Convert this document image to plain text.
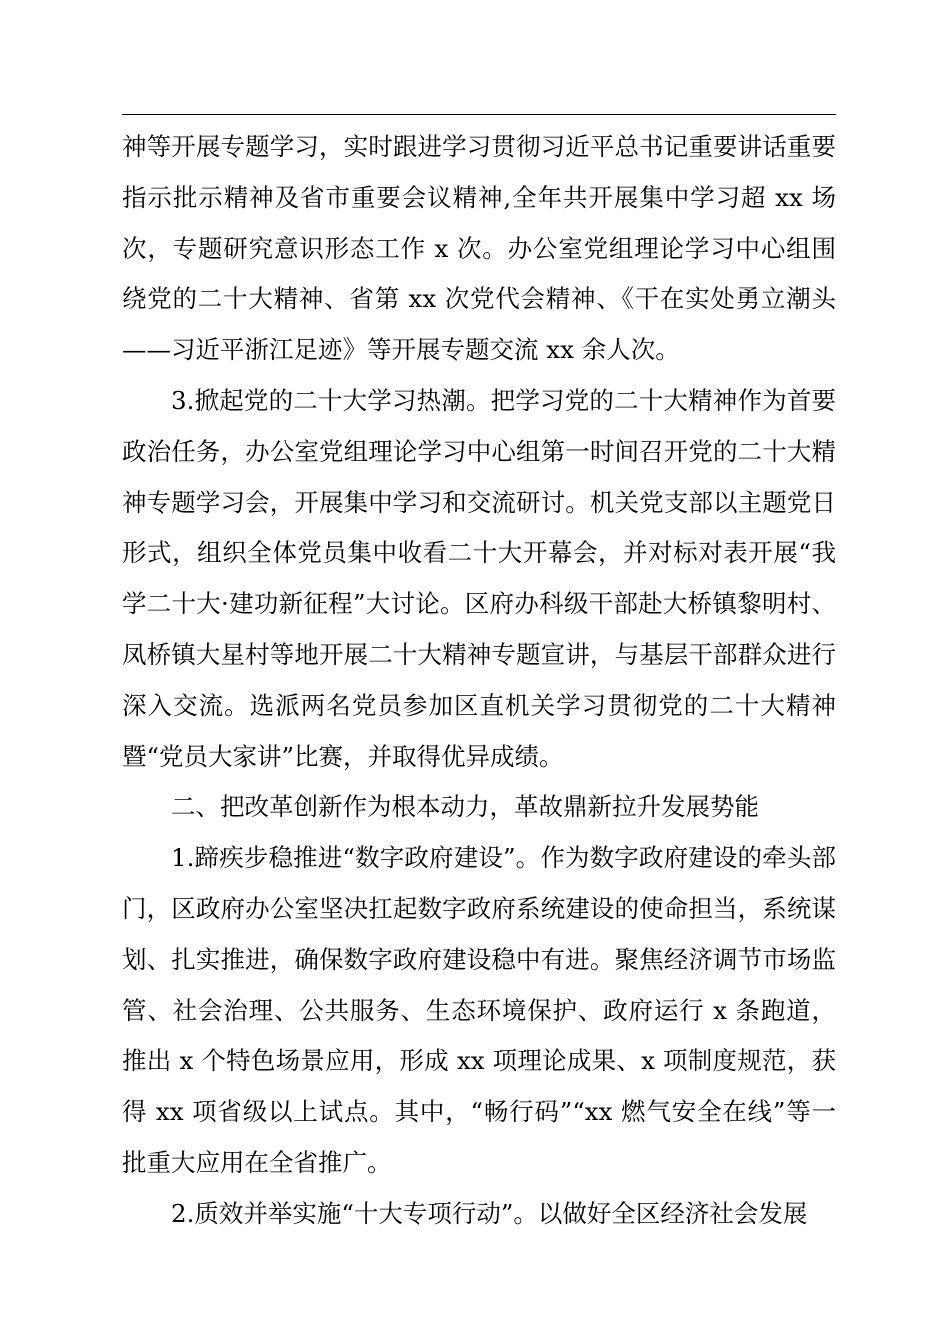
神等开展专题学习，实时跟进学习贯彻习近平总书记重要讲话重要指示批示精神及省市重要会议精神,全年共开展集中学习超 xx 场次，专题研究意识形态工作 x 次。办公室党组理论学习中心组围绕党的二十大精神、省第 xx 次党代会精神、《干在实处勇立潮头——习近平浙江足迹》等开展专题交流 xx 余人次。

3.掀起党的二十大学习热潮。把学习党的二十大精神作为首要政治任务，办公室党组理论学习中心组第一时间召开党的二十大精神专题学习会，开展集中学习和交流研讨。机关党支部以主题党日形式，组织全体党员集中收看二十大开幕会，并对标对表开展“我学二十大·建功新征程”大讨论。区府办科级干部赴大桥镇黎明村、凤桥镇大星村等地开展二十大精神专题宣讲，与基层干部群众进行深入交流。选派两名党员参加区直机关学习贯彻党的二十大精神暨“党员大家讲”比赛，并取得优异成绩。

二、把改革创新作为根本动力，革故鼎新拉升发展势能

1.蹄疾步稳推进“数字政府建设”。作为数字政府建设的牵头部门，区政府办公室坚决扛起数字政府系统建设的使命担当，系统谋划、扎实推进，确保数字政府建设稳中有进。聚焦经济调节市场监管、社会治理、公共服务、生态环境保护、政府运行 x 条跑道，推出 x 个特色场景应用，形成 xx 项理论成果、x 项制度规范，获得 xx 项省级以上试点。其中，“畅行码”“xx 燃气安全在线”等一批重大应用在全省推广。

2.质效并举实施“十大专项行动”。以做好全区经济社会发展
